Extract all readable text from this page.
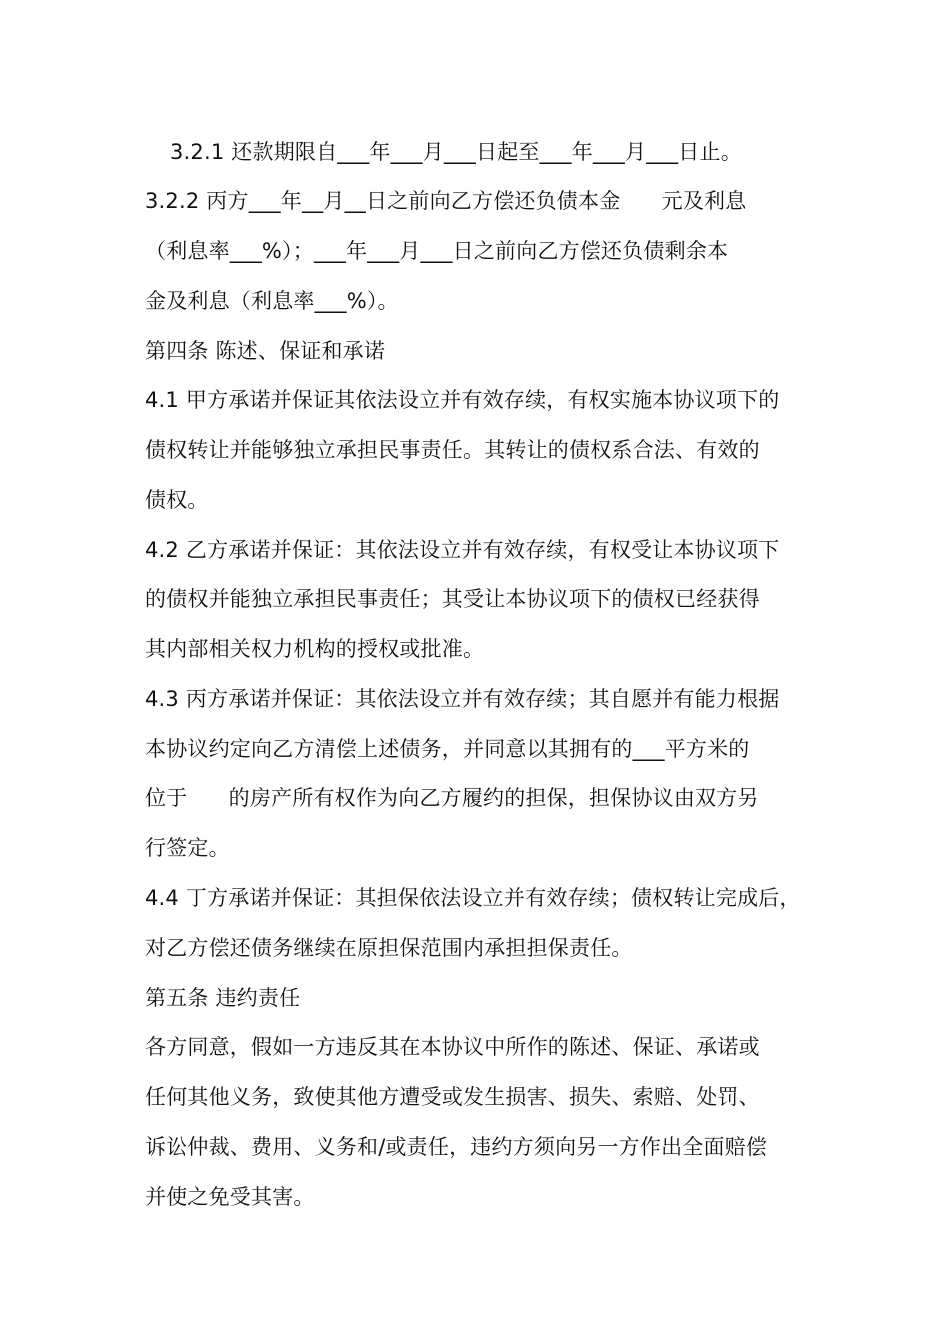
3.2.1 还款期限自___年___月___日起至___年___月___日止。
3.2.2 丙方___年__月__日之前向乙方偿还负债本金      元及利息
（利息率___%）；___年___月___日之前向乙方偿还负债剩余本
金及利息（利息率___%）。
第四条 陈述、保证和承诺
4.1 甲方承诺并保证其依法设立并有效存续，有权实施本协议项下的
债权转让并能够独立承担民事责任。其转让的债权系合法、有效的
债权。
4.2 乙方承诺并保证：其依法设立并有效存续，有权受让本协议项下
的债权并能独立承担民事责任；其受让本协议项下的债权已经获得
其内部相关权力机构的授权或批准。
4.3 丙方承诺并保证：其依法设立并有效存续；其自愿并有能力根据
本协议约定向乙方清偿上述债务，并同意以其拥有的___平方米的
位于      的房产所有权作为向乙方履约的担保，担保协议由双方另
行签定。
4.4 丁方承诺并保证：其担保依法设立并有效存续；债权转让完成后，
对乙方偿还债务继续在原担保范围内承担担保责任。
第五条 违约责任
各方同意，假如一方违反其在本协议中所作的陈述、保证、承诺或
任何其他义务，致使其他方遭受或发生损害、损失、索赔、处罚、
诉讼仲裁、费用、义务和/或责任，违约方须向另一方作出全面赔偿
并使之免受其害。
